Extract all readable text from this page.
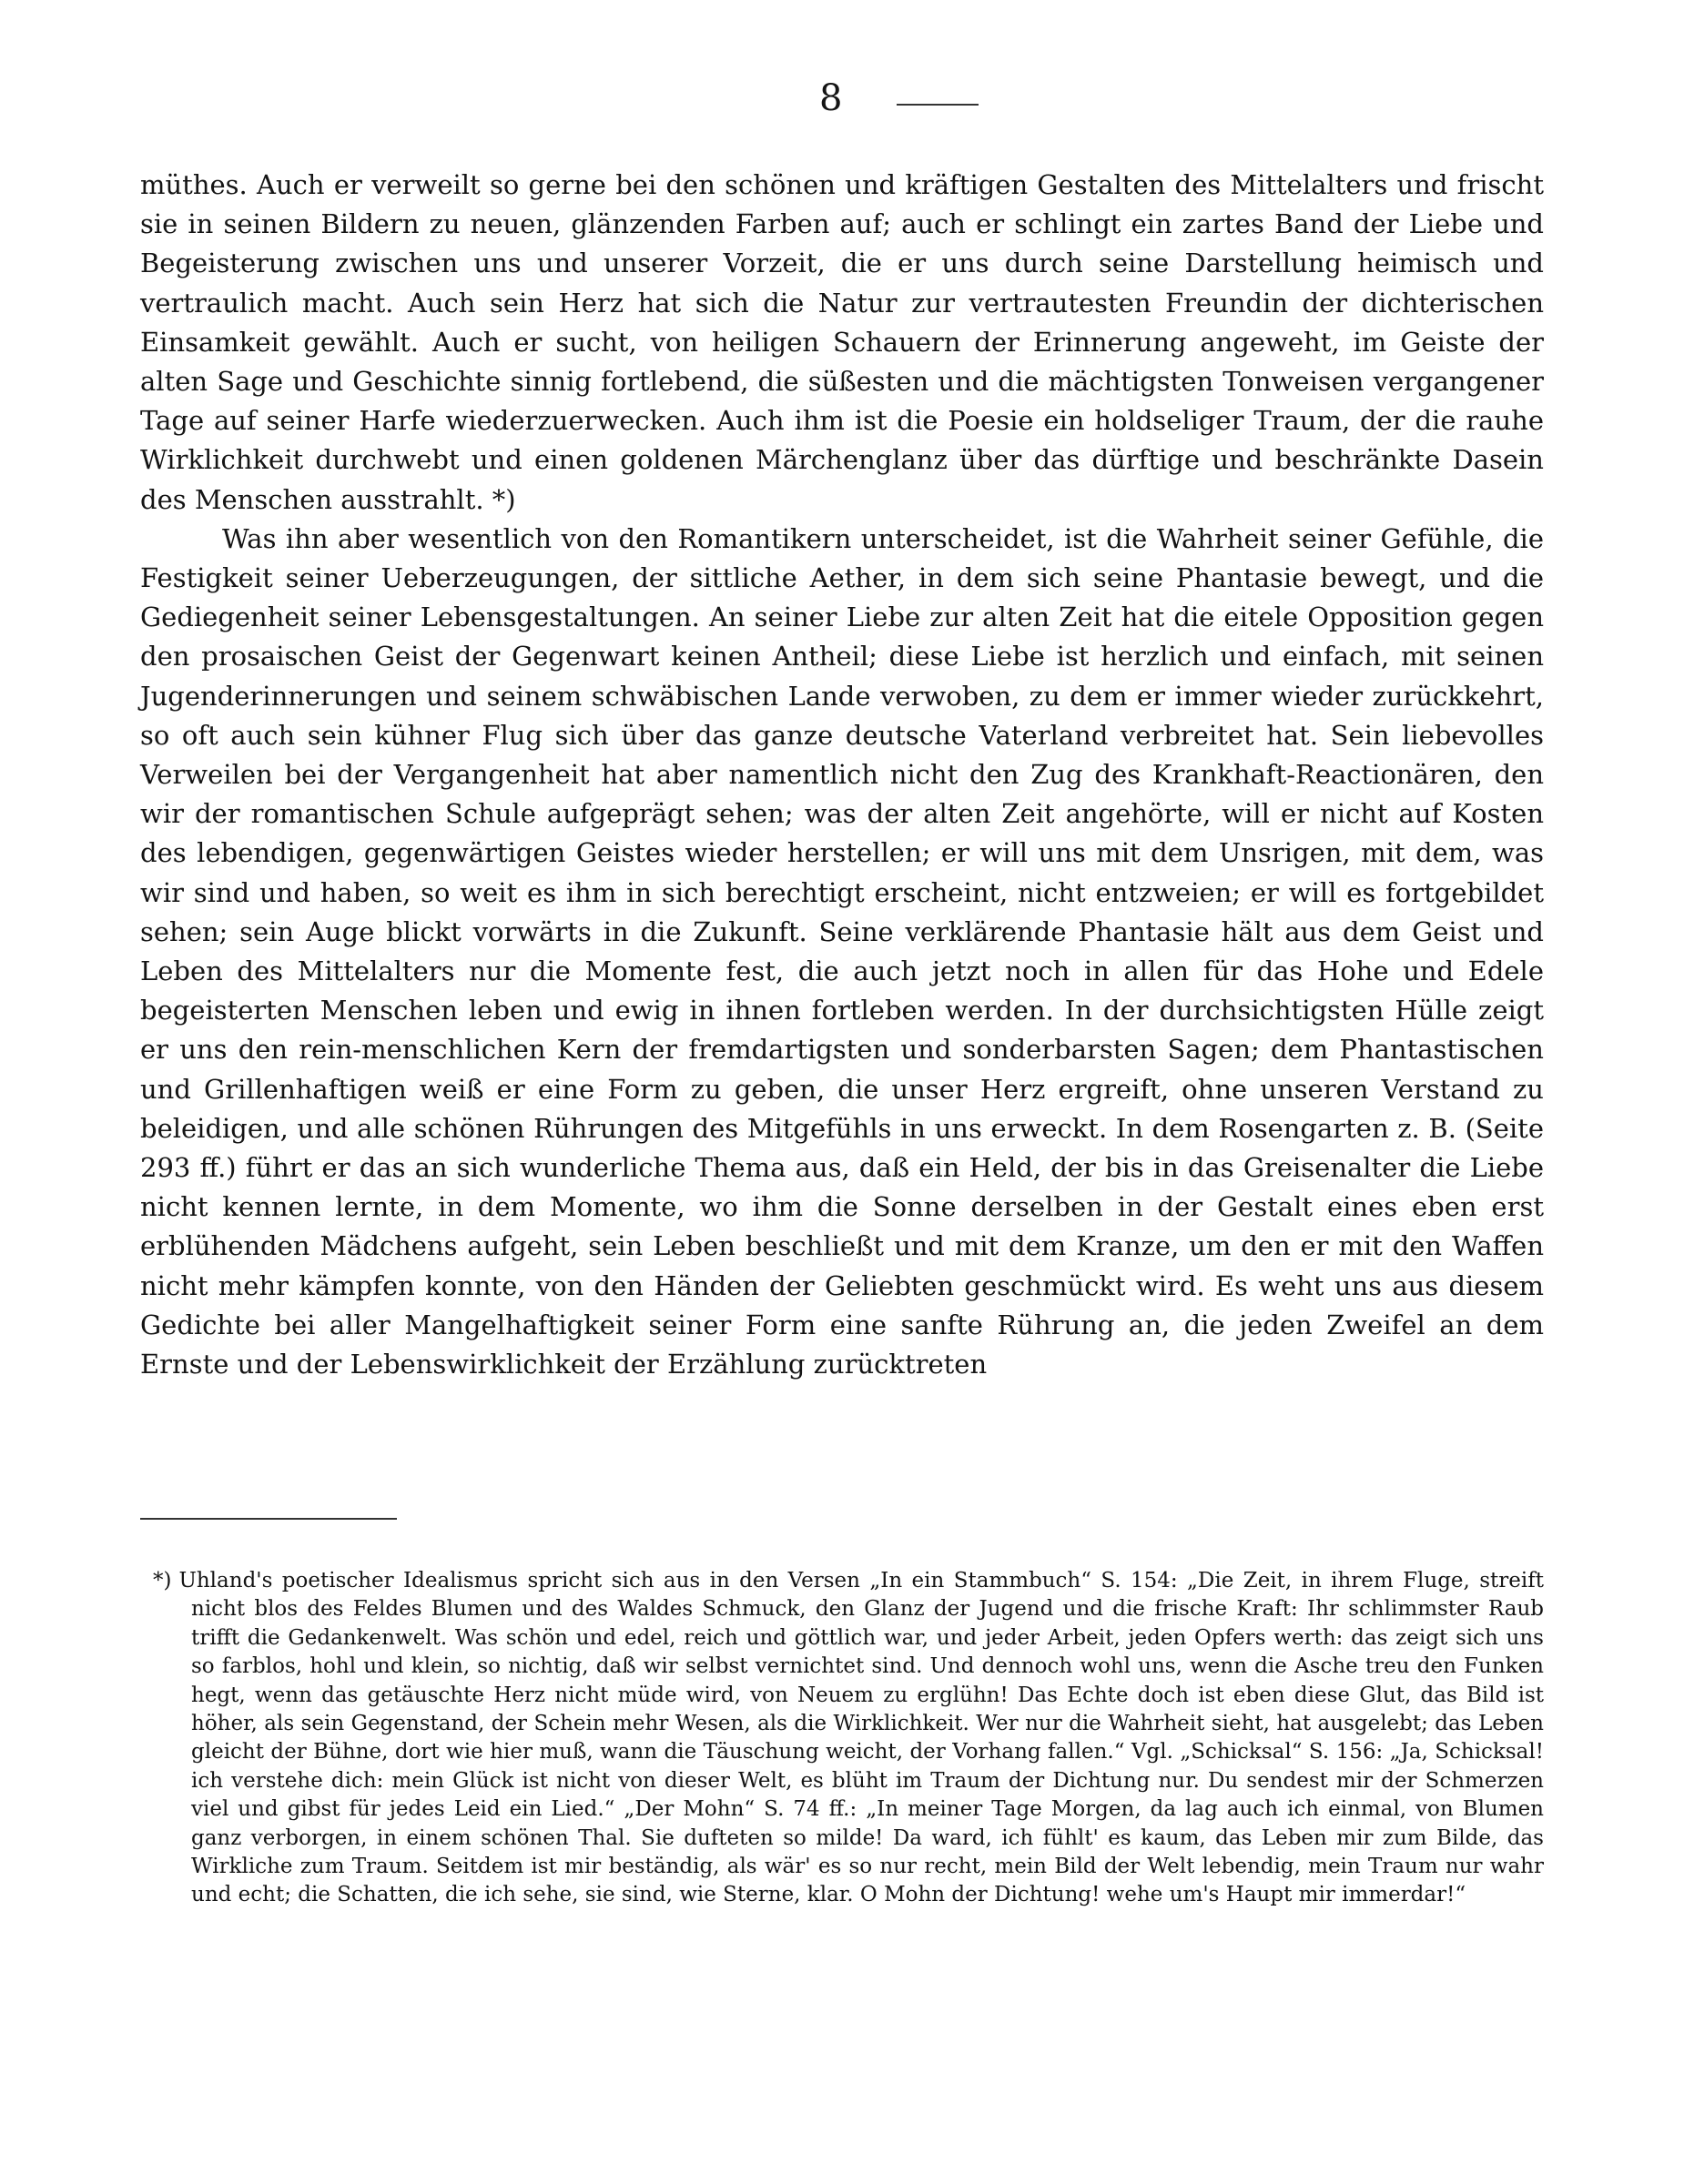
8

müthes. Auch er verweilt so gerne bei den schönen und kräftigen Gestalten des Mittelalters und frischt sie in seinen Bildern zu neuen, glänzenden Farben auf; auch er schlingt ein zartes Band der Liebe und Begeisterung zwischen uns und unserer Vorzeit, die er uns durch seine Darstellung heimisch und vertraulich macht. Auch sein Herz hat sich die Natur zur vertrautesten Freundin der dichterischen Einsamkeit gewählt. Auch er sucht, von heiligen Schauern der Erinnerung angeweht, im Geiste der alten Sage und Geschichte sinnig fortlebend, die süßesten und die mächtigsten Tonweisen vergangener Tage auf seiner Harfe wiederzuerwecken. Auch ihm ist die Poesie ein holdseliger Traum, der die rauhe Wirklichkeit durchwebt und einen goldenen Märchenglanz über das dürftige und beschränkte Dasein des Menschen ausstrahlt. *)

Was ihn aber wesentlich von den Romantikern unterscheidet, ist die Wahrheit seiner Gefühle, die Festigkeit seiner Ueberzeugungen, der sittliche Aether, in dem sich seine Phantasie bewegt, und die Gediegenheit seiner Lebensgestaltungen. An seiner Liebe zur alten Zeit hat die eitele Opposition gegen den prosaischen Geist der Gegenwart keinen Antheil; diese Liebe ist herzlich und einfach, mit seinen Jugenderinnerungen und seinem schwäbischen Lande verwoben, zu dem er immer wieder zurückkehrt, so oft auch sein kühner Flug sich über das ganze deutsche Vaterland verbreitet hat. Sein liebevolles Verweilen bei der Vergangenheit hat aber namentlich nicht den Zug des Krankhaft-Reactionären, den wir der romantischen Schule aufgeprägt sehen; was der alten Zeit angehörte, will er nicht auf Kosten des lebendigen, gegenwärtigen Geistes wieder herstellen; er will uns mit dem Unsrigen, mit dem, was wir sind und haben, so weit es ihm in sich berechtigt erscheint, nicht entzweien; er will es fortgebildet sehen; sein Auge blickt vorwärts in die Zukunft. Seine verklärende Phantasie hält aus dem Geist und Leben des Mittelalters nur die Momente fest, die auch jetzt noch in allen für das Hohe und Edele begeisterten Menschen leben und ewig in ihnen fortleben werden. In der durchsichtigsten Hülle zeigt er uns den rein-menschlichen Kern der fremdartigsten und sonderbarsten Sagen; dem Phantastischen und Grillenhaftigen weiß er eine Form zu geben, die unser Herz ergreift, ohne unseren Verstand zu beleidigen, und alle schönen Rührungen des Mitgefühls in uns erweckt. In dem Rosengarten z. B. (Seite 293 ff.) führt er das an sich wunderliche Thema aus, daß ein Held, der bis in das Greisenalter die Liebe nicht kennen lernte, in dem Momente, wo ihm die Sonne derselben in der Gestalt eines eben erst erblühenden Mädchens aufgeht, sein Leben beschließt und mit dem Kranze, um den er mit den Waffen nicht mehr kämpfen konnte, von den Händen der Geliebten geschmückt wird. Es weht uns aus diesem Gedichte bei aller Mangelhaftigkeit seiner Form eine sanfte Rührung an, die jeden Zweifel an dem Ernste und der Lebenswirklichkeit der Erzählung zurücktreten

*) Uhland's poetischer Idealismus spricht sich aus in den Versen „In ein Stammbuch“ S. 154: „Die Zeit, in ihrem Fluge, streift nicht blos des Feldes Blumen und des Waldes Schmuck, den Glanz der Jugend und die frische Kraft: Ihr schlimmster Raub trifft die Gedankenwelt. Was schön und edel, reich und göttlich war, und jeder Arbeit, jeden Opfers werth: das zeigt sich uns so farblos, hohl und klein, so nichtig, daß wir selbst vernichtet sind. Und dennoch wohl uns, wenn die Asche treu den Funken hegt, wenn das getäuschte Herz nicht müde wird, von Neuem zu erglühn! Das Echte doch ist eben diese Glut, das Bild ist höher, als sein Gegenstand, der Schein mehr Wesen, als die Wirklichkeit. Wer nur die Wahrheit sieht, hat ausgelebt; das Leben gleicht der Bühne, dort wie hier muß, wann die Täuschung weicht, der Vorhang fallen.“ Vgl. „Schicksal“ S. 156: „Ja, Schicksal! ich verstehe dich: mein Glück ist nicht von dieser Welt, es blüht im Traum der Dichtung nur. Du sendest mir der Schmerzen viel und gibst für jedes Leid ein Lied.“ „Der Mohn“ S. 74 ff.: „In meiner Tage Morgen, da lag auch ich einmal, von Blumen ganz verborgen, in einem schönen Thal. Sie dufteten so milde! Da ward, ich fühlt' es kaum, das Leben mir zum Bilde, das Wirkliche zum Traum. Seitdem ist mir beständig, als wär' es so nur recht, mein Bild der Welt lebendig, mein Traum nur wahr und echt; die Schatten, die ich sehe, sie sind, wie Sterne, klar. O Mohn der Dichtung! wehe um's Haupt mir immerdar!“
